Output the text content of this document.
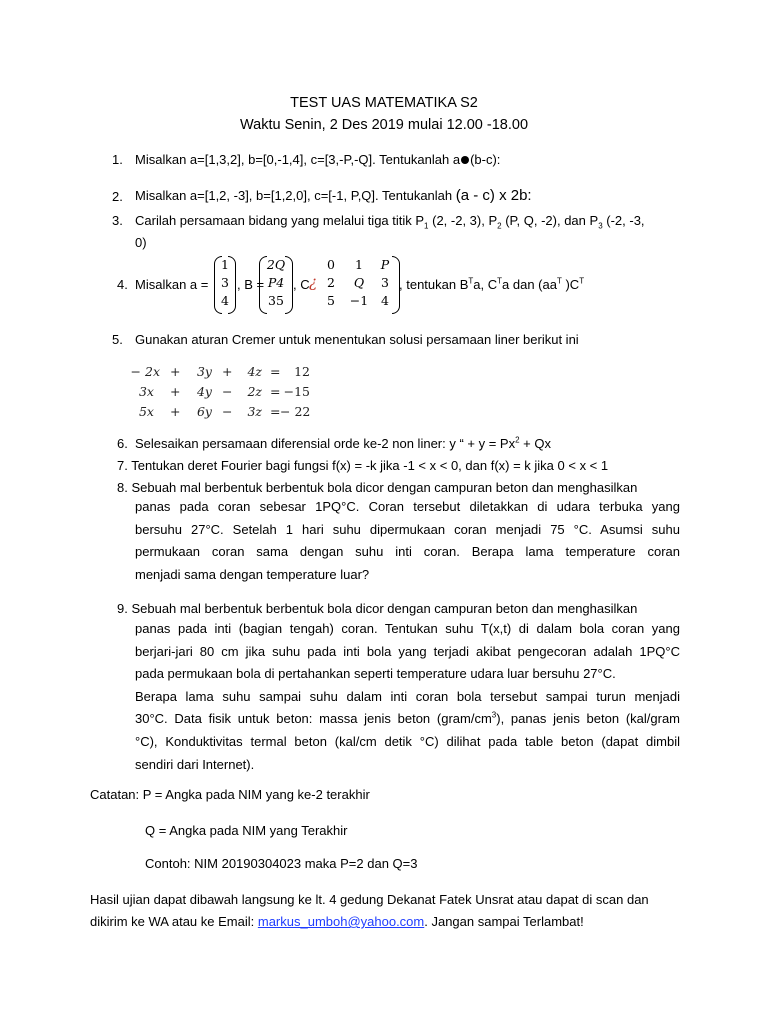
TEST UAS MATEMATIKA S2
Waktu Senin, 2 Des 2019 mulai 12.00 -18.00
1. Misalkan a=[1,3,2], b=[0,-1,4], c=[3,-P,-Q]. Tentukanlah a (b-c):
2. Misalkan a=[1,2, -3], b=[1,2,0], c=[-1, P,Q]. Tentukanlah (a - c) x 2b:
3. Carilah persamaan bidang yang melalui tiga titik $P_1$ (2, -2, 3), $P_2$ (P, Q, -2), dan $P_3$ (-2, -3,
0)
4. Misalkan a =
1
3
4
, B =
2Q
P4
35
, C ¿
0	1	P
2	Q	3
5	−1	4
, tentukan $B^Ta$, $C^Ta$ dan ($aa^T$ )$C^T$
5. Gunakan aturan Cremer untuk menentukan solusi persamaan liner berikut ini
− 2x +	3y +	4z =	12
3x +	4y −	2z = −15
5x +	6y −	3z = − 22
6. Selesaikan persamaan diferensial orde ke-2 non liner: y “ + $y = Px^2 + Qx$
7. Tentukan deret Fourier bagi fungsi f(x) = -k jika -1 < x < 0, dan f(x) = k jika 0 < x < 1
8. Sebuah mal berbentuk berbentuk bola dicor dengan campuran beton dan menghasilkan
panas pada coran sebesar 1PQ°C. Coran tersebut diletakkan di udara terbuka yang
bersuhu 27°C. Setelah 1 hari suhu dipermukaan coran menjadi 75 °C. Asumsi suhu
permukaan coran sama dengan suhu inti coran. Berapa lama temperature coran
menjadi sama dengan temperature luar?
9. Sebuah mal berbentuk berbentuk bola dicor dengan campuran beton dan menghasilkan
panas pada inti (bagian tengah) coran. Tentukan suhu T(x,t) di dalam bola coran yang
berjari-jari 80 cm jika suhu pada inti bola yang terjadi akibat pengecoran adalah 1PQ°C
pada permukaan bola di pertahankan seperti temperature udara luar bersuhu 27°C.
Berapa lama suhu sampai suhu dalam inti coran bola tersebut sampai turun menjadi
30°C. Data fisik untuk beton: massa jenis beton $(gram/cm^3)$, panas jenis beton (kal/gram
°C), Konduktivitas termal beton (kal/cm detik °C) dilihat pada table beton (dapat dimbil
sendiri dari Internet).
Catatan: P = Angka pada NIM yang ke-2 terakhir
Q = Angka pada NIM yang Terakhir
Contoh: NIM 20190304023 maka P=2 dan Q=3
Hasil ujian dapat dibawah langsung ke lt. 4 gedung Dekanat Fatek Unsrat atau dapat di scan dan
dikirim ke WA atau ke Email: markus_umboh@yahoo.com. Jangan sampai Terlambat!
